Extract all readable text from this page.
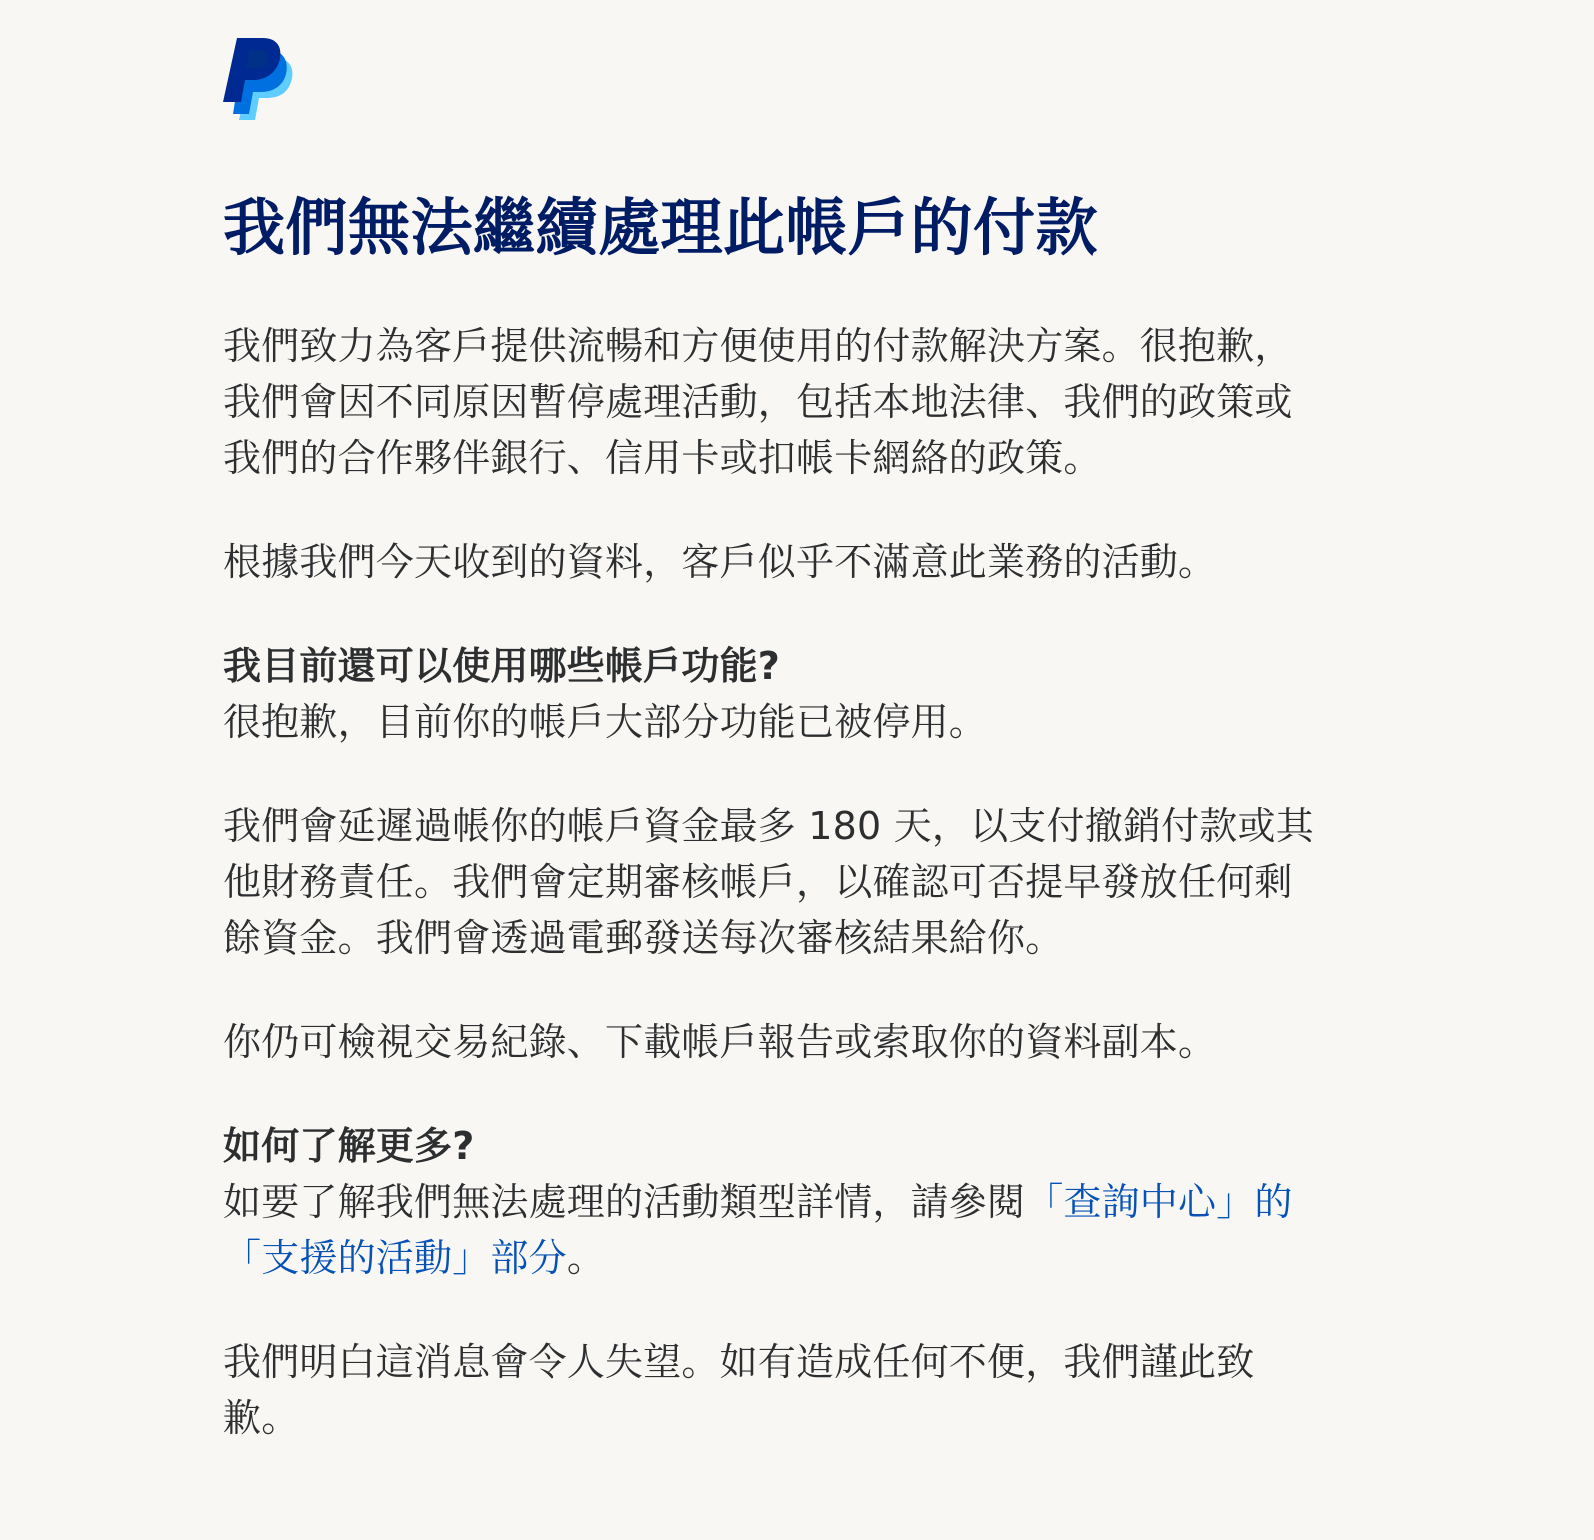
我們無法繼續處理此帳戶的付款

我們致力為客戶提供流暢和方便使用的付款解決方案。很抱歉，
我們會因不同原因暫停處理活動，包括本地法律、我們的政策或
我們的合作夥伴銀行、信用卡或扣帳卡網絡的政策。

根據我們今天收到的資料，客戶似乎不滿意此業務的活動。

我目前還可以使用哪些帳戶功能?
很抱歉，目前你的帳戶大部分功能已被停用。

我們會延遲過帳你的帳戶資金最多 180 天，以支付撤銷付款或其
他財務責任。我們會定期審核帳戶，以確認可否提早發放任何剩
餘資金。我們會透過電郵發送每次審核結果給你。

你仍可檢視交易紀錄、下載帳戶報告或索取你的資料副本。

如何了解更多?
如要了解我們無法處理的活動類型詳情，請參閱「查詢中心」的
「支援的活動」部分。

我們明白這消息會令人失望。如有造成任何不便，我們謹此致
歉。
